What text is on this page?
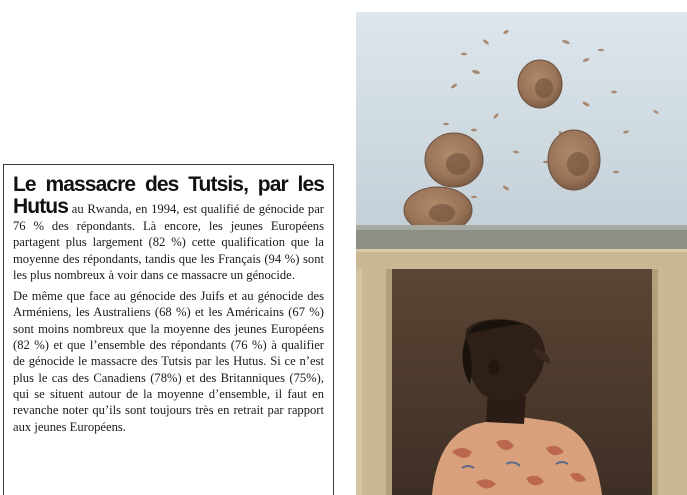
Le massacre des Tutsis, par les Hutus au Rwanda, en 1994, est qualifié de génocide par 76 % des répondants. Là encore, les jeunes Européens partagent plus largement (82 %) cette qualification que la moyenne des répondants, tandis que les Français (94 %) sont les plus nombreux à voir dans ce massacre un génocide.

De même que face au génocide des Juifs et au génocide des Arméniens, les Australiens (68 %) et les Américains (67 %) sont moins nombreux que la moyenne des jeunes Européens (82 %) et que l’ensemble des répondants (76 %) à qualifier de génocide le massacre des Tutsis par les Hutus. Si ce n’est plus le cas des Canadiens (78%) et des Britanniques (75%), qui se situent autour de la moyenne d’ensemble, il faut en revanche noter qu’ils sont toujours très en retrait par rapport aux jeunes Européens.
